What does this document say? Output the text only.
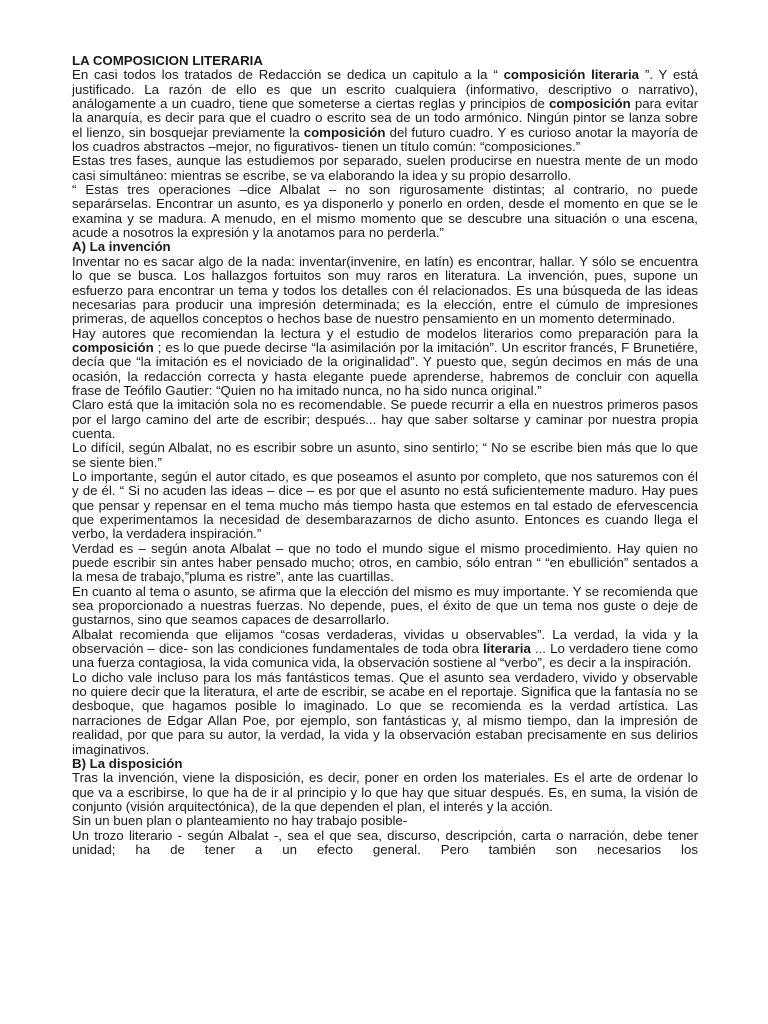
LA COMPOSICION LITERARIA

En casi todos los tratados de Redacción se dedica un capitulo a la “ composición literaria ”. Y está justificado. La razón de ello es que un escrito cualquiera (informativo, descriptivo o narrativo), análogamente a un cuadro, tiene que someterse a ciertas reglas y principios de composición para evitar la anarquía, es decir para que el cuadro o escrito sea de un todo armónico. Ningún pintor se lanza sobre el lienzo, sin bosquejar previamente la composición del futuro cuadro. Y es curioso anotar la mayoría de los cuadros abstractos –mejor, no figurativos- tienen un título común: “composiciones.”

Estas tres fases, aunque las estudiemos por separado, suelen producirse en nuestra mente de un modo casi simultáneo: mientras se escribe, se va elaborando la idea y su propio desarrollo.

“ Estas tres operaciones –dice Albalat – no son rigurosamente distintas; al contrario, no puede separárselas. Encontrar un asunto, es ya disponerlo y ponerlo en orden, desde el momento en que se le examina y se madura. A menudo, en el mismo momento que se descubre una situación o una escena, acude a nosotros la expresión y la anotamos para no perderla.”

A) La invención

Inventar no es sacar algo de la nada: inventar(invenire, en latín) es encontrar, hallar. Y sólo se encuentra lo que se busca. Los hallazgos fortuitos son muy raros en literatura. La invención, pues, supone un esfuerzo para encontrar un tema y todos los detalles con él relacionados. Es una búsqueda de las ideas necesarias para producir una impresión determinada; es la elección, entre el cúmulo de impresiones primeras, de aquellos conceptos o hechos base de nuestro pensamiento en un momento determinado.

Hay autores que recomiendan la lectura y el estudio de modelos literarios como preparación para la composición ; es lo que puede decirse “la asimilación por la imitación”. Un escritor francés, F Brunetiére, decía que “la imitación es el noviciado de la originalidad”. Y puesto que, según decimos en más de una ocasión, la redacción correcta y hasta elegante puede aprenderse, habremos de concluir con aquella frase de Teófilo Gautier: “Quien no ha imitado nunca, no ha sido nunca original.”

Claro está que la imitación sola no es recomendable. Se puede recurrir a ella en nuestros primeros pasos por el largo camino del arte de escribir; después... hay que saber soltarse y caminar por nuestra propia cuenta.

Lo difícil, según Albalat, no es escribir sobre un asunto, sino sentirlo; “ No se escribe bien más que lo que se siente bien.”

Lo importante, según el autor citado, es que poseamos el asunto por completo, que nos saturemos con él y de él. “ Si no acuden las ideas – dice – es por que el asunto no está suficientemente maduro. Hay pues que pensar y repensar en el tema mucho más tiempo hasta que estemos en tal estado de efervescencia que experimentamos la necesidad de desembarazarnos de dicho asunto. Entonces es cuando llega el verbo, la verdadera inspiración.”

Verdad es – según anota Albalat – que no todo el mundo sigue el mismo procedimiento. Hay quien no puede escribir sin antes haber pensado mucho; otros, en cambio, sólo entran “ “en ebullición” sentados a la mesa de trabajo,”pluma es ristre”, ante las cuartillas.

En cuanto al tema o asunto, se afirma que la elección del mismo es muy importante. Y se recomienda que sea proporcionado a nuestras fuerzas. No depende, pues, el éxito de que un tema nos guste o deje de gustarnos, sino que seamos capaces de desarrollarlo.

Albalat recomienda que elijamos “cosas verdaderas, vividas u observables”. La verdad, la vida y la observación – dice- son las condiciones fundamentales de toda obra literaria ... Lo verdadero tiene como una fuerza contagiosa, la vida comunica vida, la observación sostiene al “verbo”, es decir a la inspiración.

Lo dicho vale incluso para los más fantásticos temas. Que el asunto sea verdadero, vivido y observable no quiere decir que la literatura, el arte de escribir, se acabe en el reportaje. Significa que la fantasía no se desboque, que hagamos posible lo imaginado. Lo que se recomienda es la verdad artística. Las narraciones de Edgar Allan Poe, por ejemplo, son fantásticas y, al mismo tiempo, dan la impresión de realidad, por que para su autor, la verdad, la vida y la observación estaban precisamente en sus delirios imaginativos.

B) La disposición

Tras la invención, viene la disposición, es decir, poner en orden los materiales. Es el arte de ordenar lo que va a escribirse, lo que ha de ir al principio y lo que hay que situar después. Es, en suma, la visión de conjunto (visión arquitectónica), de la que dependen el plan, el interés y la acción.

Sin un buen plan o planteamiento no hay trabajo posible-

Un trozo literario - según Albalat -, sea el que sea, discurso, descripción, carta o narración, debe tener unidad; ha de tener a un efecto general. Pero también son necesarios los
